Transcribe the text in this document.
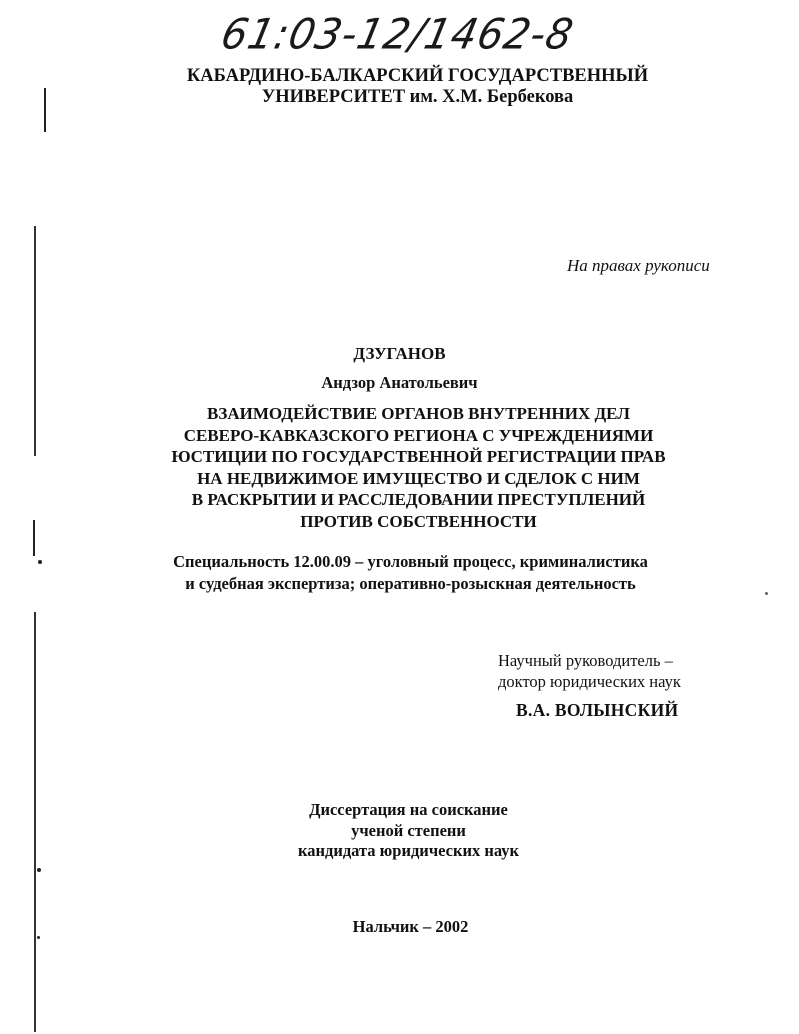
61:03-12/1462-8
КАБАРДИНО-БАЛКАРСКИЙ ГОСУДАРСТВЕННЫЙ
УНИВЕРСИТЕТ им. Х.М. Бербекова
На правах рукописи
ДЗУГАНОВ
Андзор Анатольевич
ВЗАИМОДЕЙСТВИЕ ОРГАНОВ ВНУТРЕННИХ ДЕЛ
СЕВЕРО-КАВКАЗСКОГО РЕГИОНА С УЧРЕЖДЕНИЯМИ
ЮСТИЦИИ ПО ГОСУДАРСТВЕННОЙ РЕГИСТРАЦИИ ПРАВ
НА НЕДВИЖИМОЕ ИМУЩЕСТВО И СДЕЛОК С НИМ
В РАСКРЫТИИ И РАССЛЕДОВАНИИ ПРЕСТУПЛЕНИЙ
ПРОТИВ СОБСТВЕННОСТИ
Специальность 12.00.09 – уголовный процесс, криминалистика
и судебная экспертиза; оперативно-розыскная деятельность
Научный руководитель –
доктор юридических наук
В.А. ВОЛЫНСКИЙ
Диссертация на соискание
ученой степени
кандидата юридических наук
Нальчик – 2002
